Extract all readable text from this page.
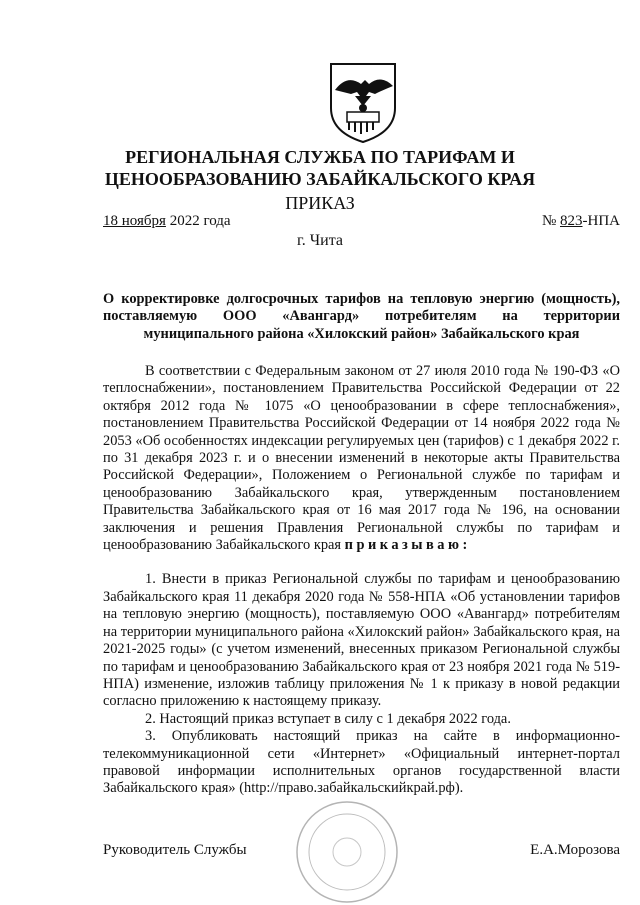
РЕГИОНАЛЬНАЯ СЛУЖБА ПО ТАРИФАМ И
ЦЕНООБРАЗОВАНИЮ ЗАБАЙКАЛЬСКОГО КРАЯ
ПРИКАЗ
18 ноября 2022 года	№ 823-НПА
г. Чита
О корректировке долгосрочных тарифов на тепловую энергию (мощность), поставляемую ООО «Авангард» потребителям на территории муниципального района «Хилокский район» Забайкальского края

В соответствии с Федеральным законом от 27 июля 2010 года № 190-ФЗ «О теплоснабжении», постановлением Правительства Российской Федерации от 22 октября 2012 года № 1075 «О ценообразовании в сфере теплоснабжения», постановлением Правительства Российской Федерации от 14 ноября 2022 года № 2053 «Об особенностях индексации регулируемых цен (тарифов) с 1 декабря 2022 г. по 31 декабря 2023 г. и о внесении изменений в некоторые акты Правительства Российской Федерации», Положением о Региональной службе по тарифам и ценообразованию Забайкальского края, утвержденным постановлением Правительства Забайкальского края от 16 мая 2017 года № 196, на основании заключения и решения Правления Региональной службы по тарифам и ценообразованию Забайкальского края приказываю:

1. Внести в приказ Региональной службы по тарифам и ценообразованию Забайкальского края 11 декабря 2020 года № 558-НПА «Об установлении тарифов на тепловую энергию (мощность), поставляемую ООО «Авангард» потребителям на территории муниципального района «Хилокский район» Забайкальского края, на 2021-2025 годы» (с учетом изменений, внесенных приказом Региональной службы по тарифам и ценообразованию Забайкальского края от 23 ноября 2021 года № 519-НПА) изменение, изложив таблицу приложения № 1 к приказу в новой редакции согласно приложению к настоящему приказу.

2. Настоящий приказ вступает в силу с 1 декабря 2022 года.

3. Опубликовать настоящий приказ на сайте в информационно-телекоммуникационной сети «Интернет» «Официальный интернет-портал правовой информации исполнительных органов государственной власти Забайкальского края» (http://право.забайкальскийкрай.рф).

Руководитель Службы	Е.А.Морозова
